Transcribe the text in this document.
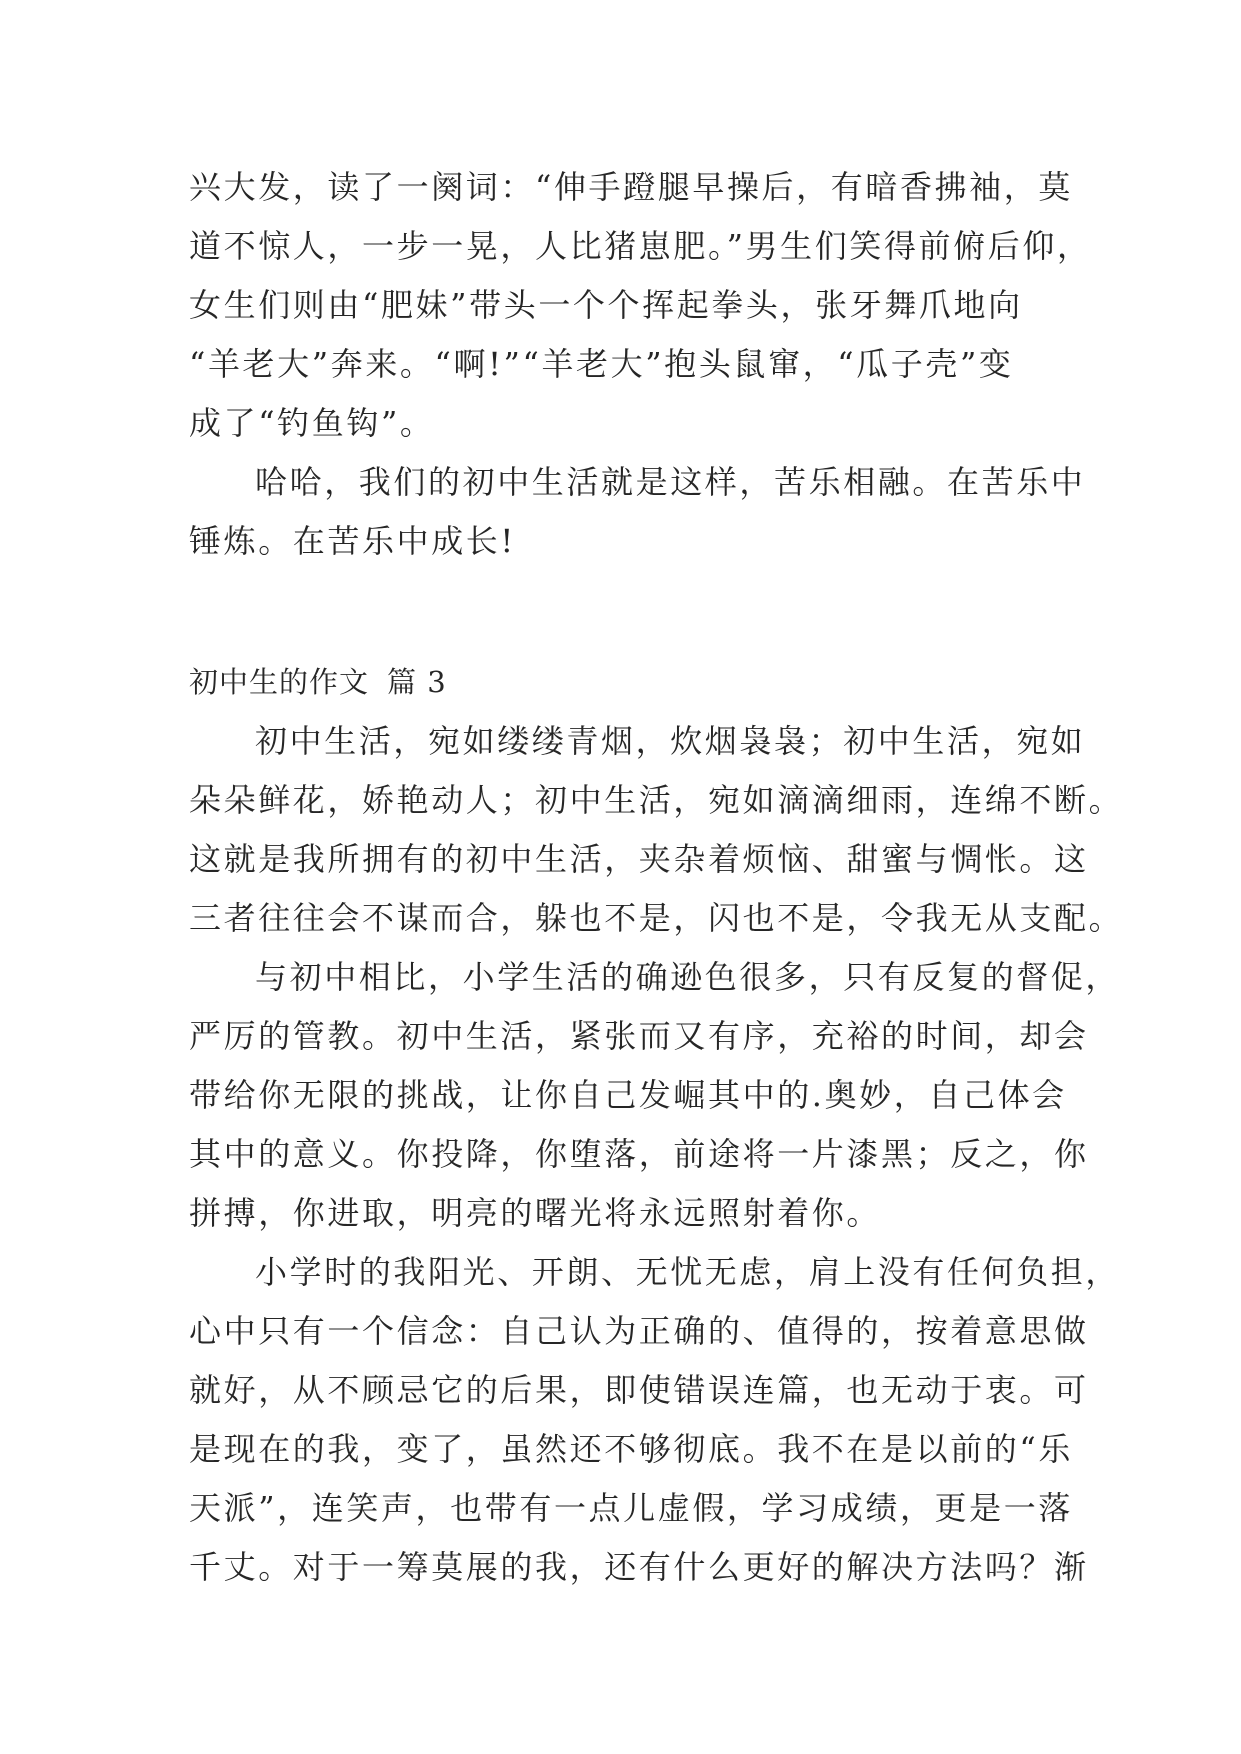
兴大发，读了一阕词：“伸手蹬腿早操后，有暗香拂袖，莫
道不惊人，一步一晃，人比猪崽肥。”男生们笑得前俯后仰，
女生们则由“肥妹”带头一个个挥起拳头，张牙舞爪地向
“羊老大”奔来。“啊!”“羊老大”抱头鼠窜，“瓜子壳”变
成了“钓鱼钩”。
哈哈，我们的初中生活就是这样，苦乐相融。在苦乐中
锤炼。在苦乐中成长!
初中生的作文 篇 3
初中生活，宛如缕缕青烟，炊烟袅袅；初中生活，宛如
朵朵鲜花，娇艳动人；初中生活，宛如滴滴细雨，连绵不断。
这就是我所拥有的初中生活，夹杂着烦恼、甜蜜与惆怅。这
三者往往会不谋而合，躲也不是，闪也不是，令我无从支配。
与初中相比，小学生活的确逊色很多，只有反复的督促，
严厉的管教。初中生活，紧张而又有序，充裕的时间，却会
带给你无限的挑战，让你自己发崛其中的.奥妙，自己体会
其中的意义。你投降，你堕落，前途将一片漆黑；反之，你
拼搏，你进取，明亮的曙光将永远照射着你。
小学时的我阳光、开朗、无忧无虑，肩上没有任何负担，
心中只有一个信念：自己认为正确的、值得的，按着意思做
就好，从不顾忌它的后果，即使错误连篇，也无动于衷。可
是现在的我，变了，虽然还不够彻底。我不在是以前的“乐
天派”，连笑声，也带有一点儿虚假，学习成绩，更是一落
千丈。对于一筹莫展的我，还有什么更好的解决方法吗？渐
